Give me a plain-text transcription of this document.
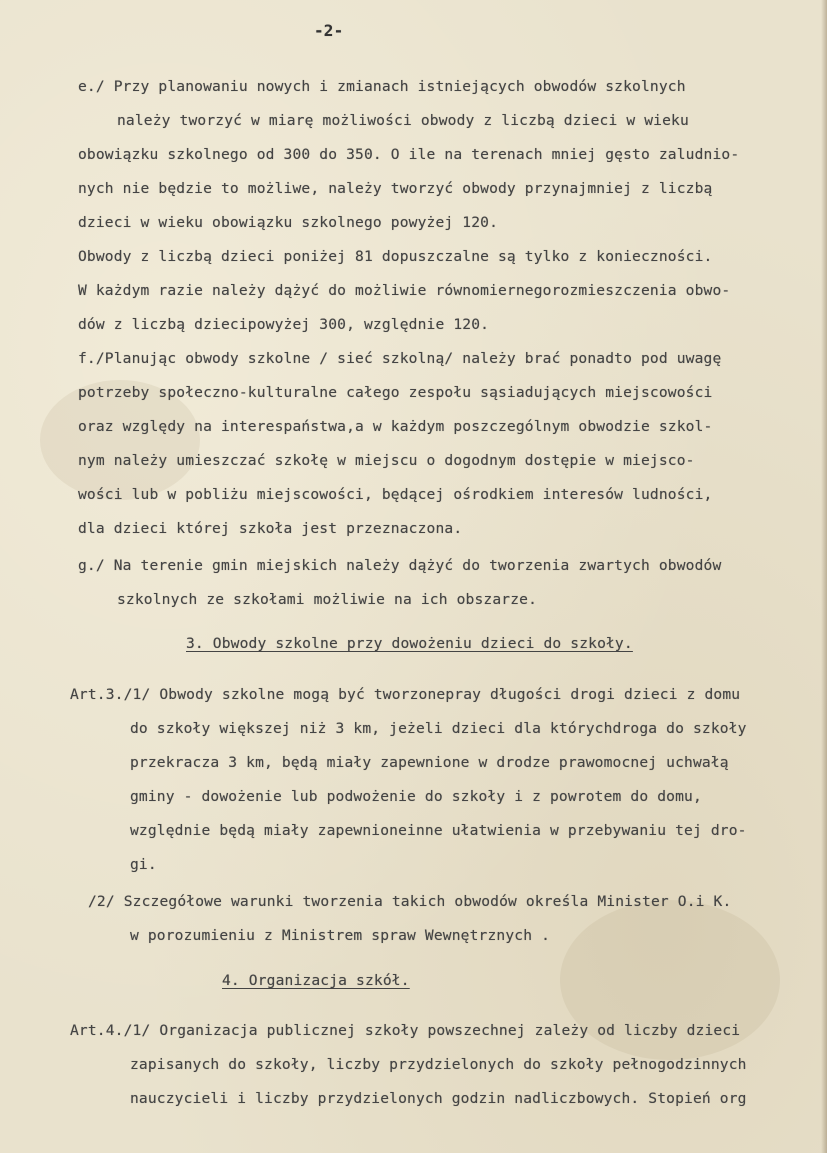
-2-
e./ Przy planowaniu nowych i zmianach istniejących obwodów szkolnych
należy tworzyć w miarę możliwości obwody z liczbą dzieci w wieku
obowiązku szkolnego od 300 do 350. O ile na terenach mniej gęsto zaludnio-
nych nie będzie to możliwe, należy tworzyć obwody przynajmniej z liczbą
dzieci w wieku obowiązku szkolnego powyżej 120.
Obwody z liczbą dzieci poniżej 81 dopuszczalne są tylko z konieczności.
W każdym razie należy dążyć do możliwie równomiernegorozmieszczenia obwo-
dów z liczbą dziecipowyżej 300, względnie 120.
f./Planując obwody szkolne / sieć szkolną/ należy brać ponadto pod uwagę
potrzeby społeczno-kulturalne całego zespołu sąsiadujących miejscowości
oraz względy na interespaństwa,a w każdym poszczególnym obwodzie szkol-
nym należy umieszczać szkołę w miejscu o dogodnym dostępie w miejsco-
wości lub w pobliżu miejscowości, będącej ośrodkiem interesów ludności,
dla dzieci której szkoła jest przeznaczona.
g./ Na terenie gmin miejskich należy dążyć do tworzenia zwartych obwodów
szkolnych ze szkołami możliwie na ich obszarze.
3. Obwody szkolne przy dowożeniu dzieci do szkoły.
Art.3./1/ Obwody szkolne mogą być tworzonepray długości drogi dzieci z domu
do szkoły większej niż 3 km, jeżeli dzieci dla którychdroga do szkoły
przekracza 3 km, będą miały zapewnione w drodze prawomocnej uchwałą
gminy - dowożenie lub podwożenie do szkoły i z powrotem do domu,
względnie będą miały zapewnioneinne ułatwienia w przebywaniu tej dro-
gi.
/2/ Szczegółowe warunki tworzenia takich obwodów określa Minister O.i K.
w porozumieniu z Ministrem spraw Wewnętrznych .
4. Organizacja szkół.
Art.4./1/ Organizacja publicznej szkoły powszechnej zależy od liczby dzieci
zapisanych do szkoły, liczby przydzielonych do szkoły pełnogodzinnych
nauczycieli i liczby przydzielonych godzin nadliczbowych. Stopień org
